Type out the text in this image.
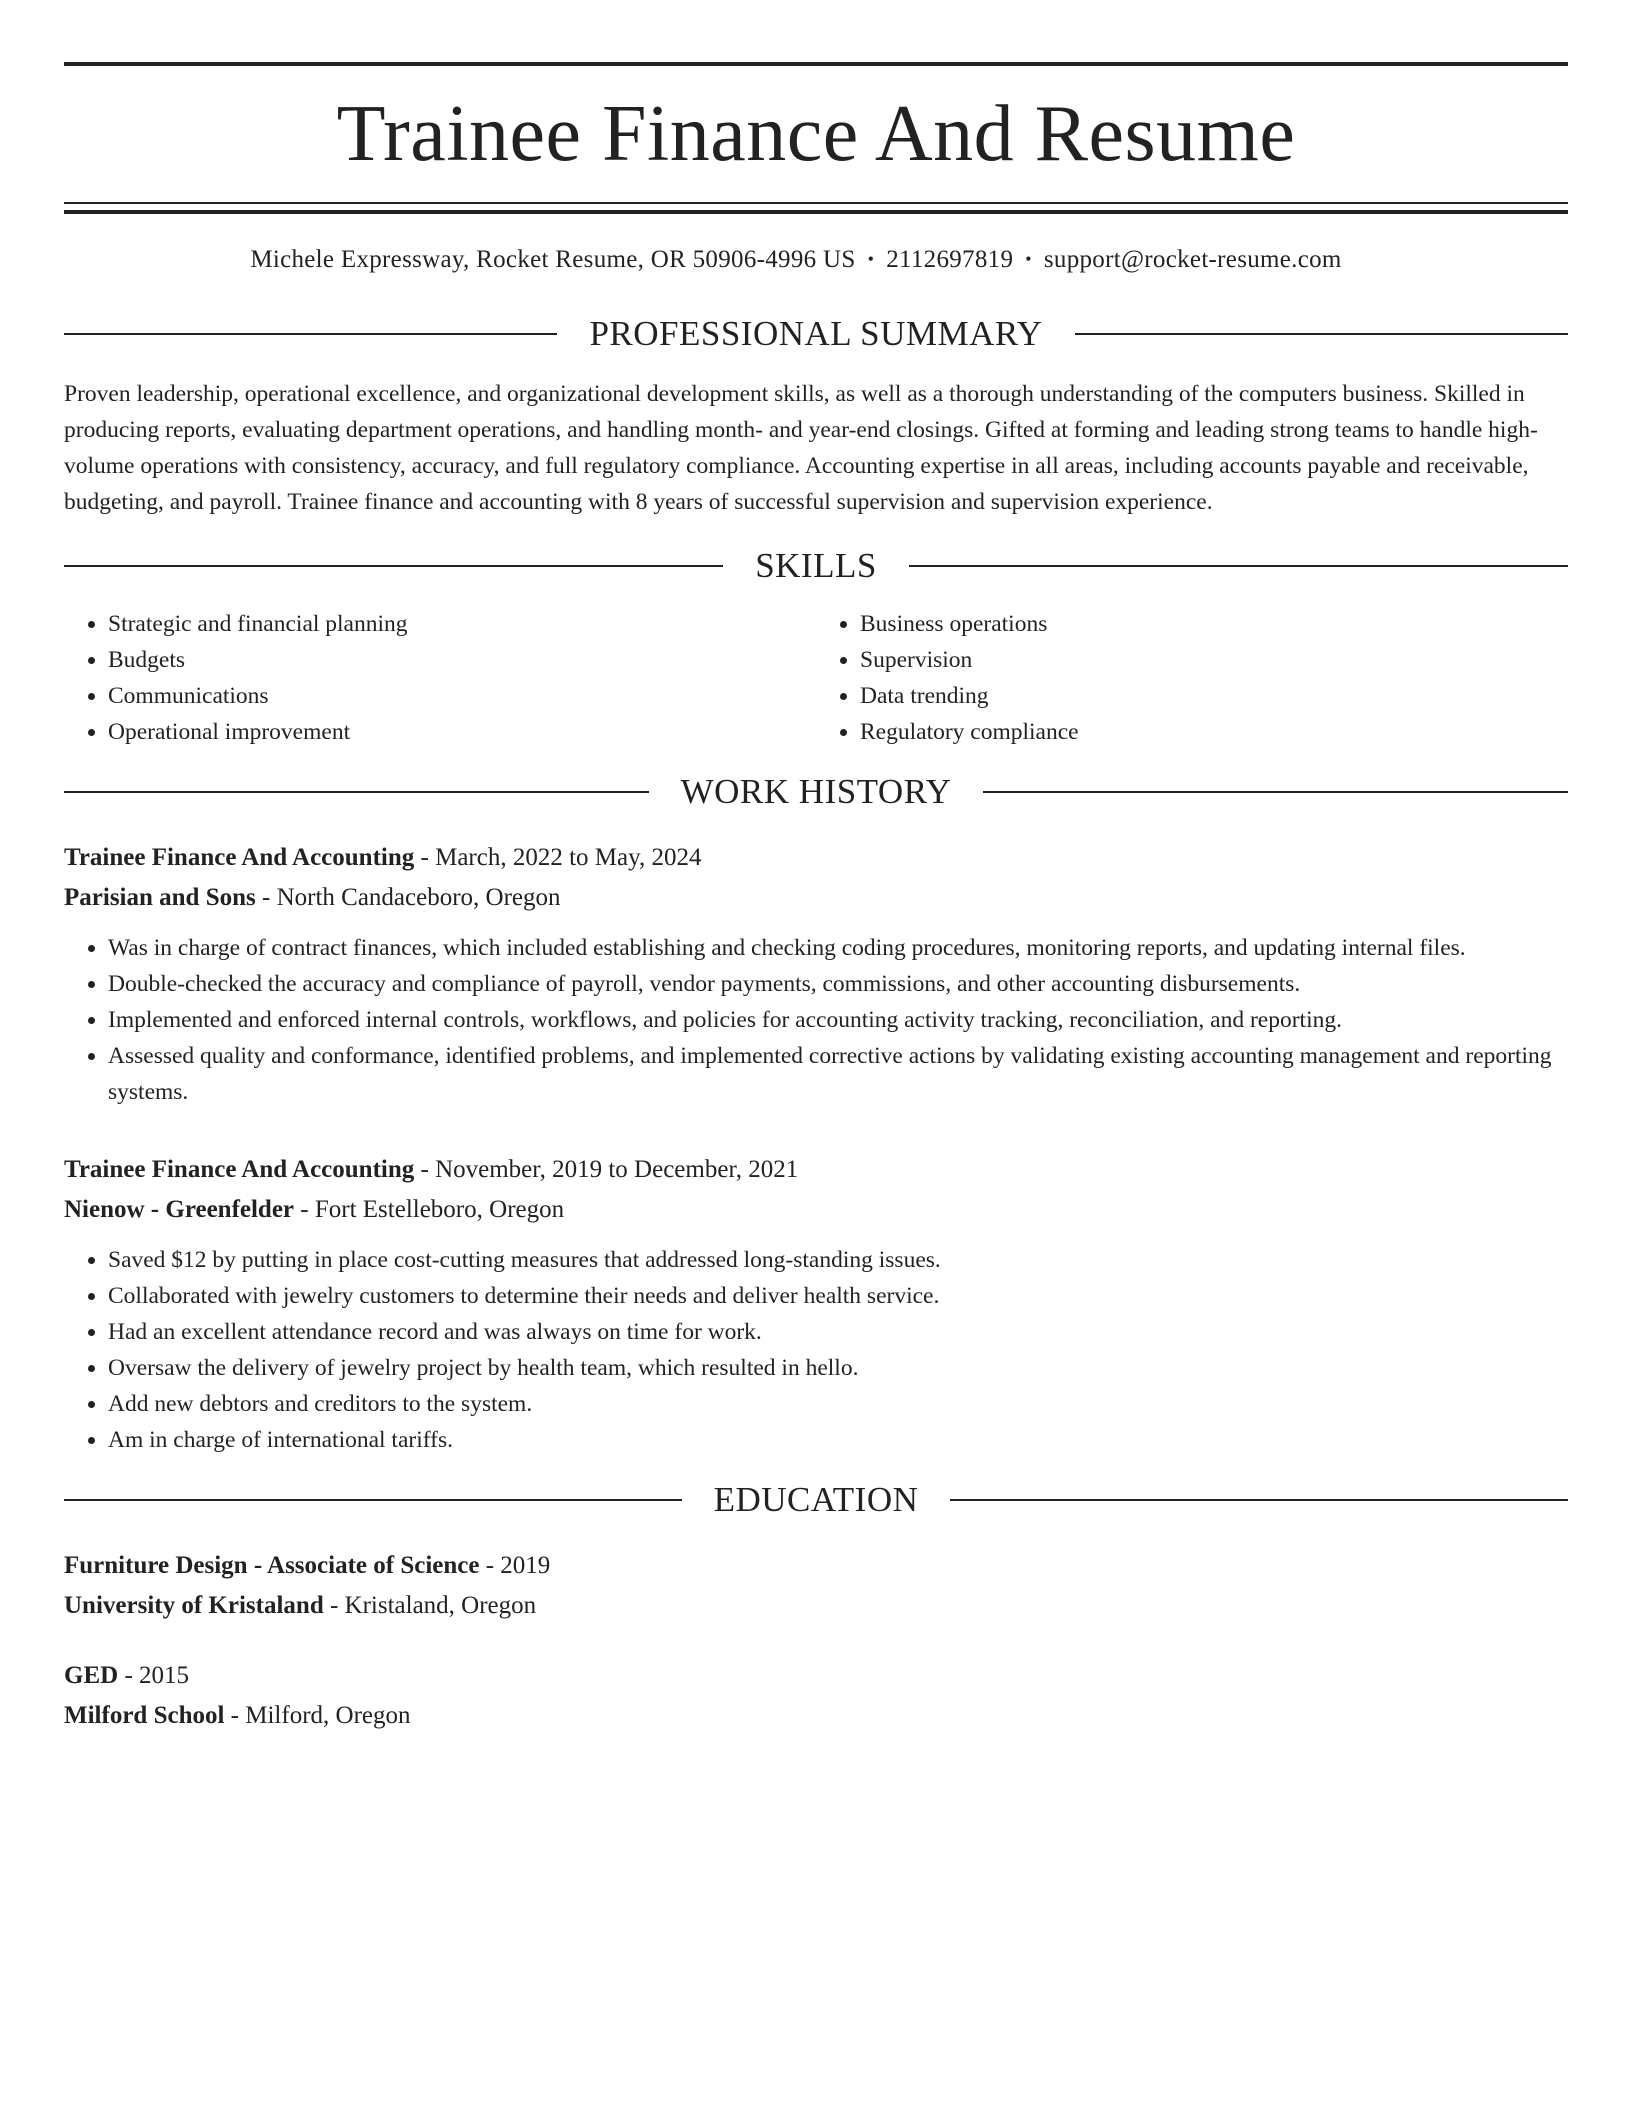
Trainee Finance And Resume
Michele Expressway, Rocket Resume, OR 50906-4996 US • 2112697819 • support@rocket-resume.com
PROFESSIONAL SUMMARY
Proven leadership, operational excellence, and organizational development skills, as well as a thorough understanding of the computers business. Skilled in producing reports, evaluating department operations, and handling month- and year-end closings. Gifted at forming and leading strong teams to handle high-volume operations with consistency, accuracy, and full regulatory compliance. Accounting expertise in all areas, including accounts payable and receivable, budgeting, and payroll. Trainee finance and accounting with 8 years of successful supervision and supervision experience.
SKILLS
• Strategic and financial planning
• Budgets
• Communications
• Operational improvement
• Business operations
• Supervision
• Data trending
• Regulatory compliance
WORK HISTORY
Trainee Finance And Accounting - March, 2022 to May, 2024
Parisian and Sons - North Candaceboro, Oregon
• Was in charge of contract finances, which included establishing and checking coding procedures, monitoring reports, and updating internal files.
• Double-checked the accuracy and compliance of payroll, vendor payments, commissions, and other accounting disbursements.
• Implemented and enforced internal controls, workflows, and policies for accounting activity tracking, reconciliation, and reporting.
• Assessed quality and conformance, identified problems, and implemented corrective actions by validating existing accounting management and reporting systems.
Trainee Finance And Accounting - November, 2019 to December, 2021
Nienow - Greenfelder - Fort Estelleboro, Oregon
• Saved $12 by putting in place cost-cutting measures that addressed long-standing issues.
• Collaborated with jewelry customers to determine their needs and deliver health service.
• Had an excellent attendance record and was always on time for work.
• Oversaw the delivery of jewelry project by health team, which resulted in hello.
• Add new debtors and creditors to the system.
• Am in charge of international tariffs.
EDUCATION
Furniture Design - Associate of Science - 2019
University of Kristaland - Kristaland, Oregon
GED - 2015
Milford School - Milford, Oregon
